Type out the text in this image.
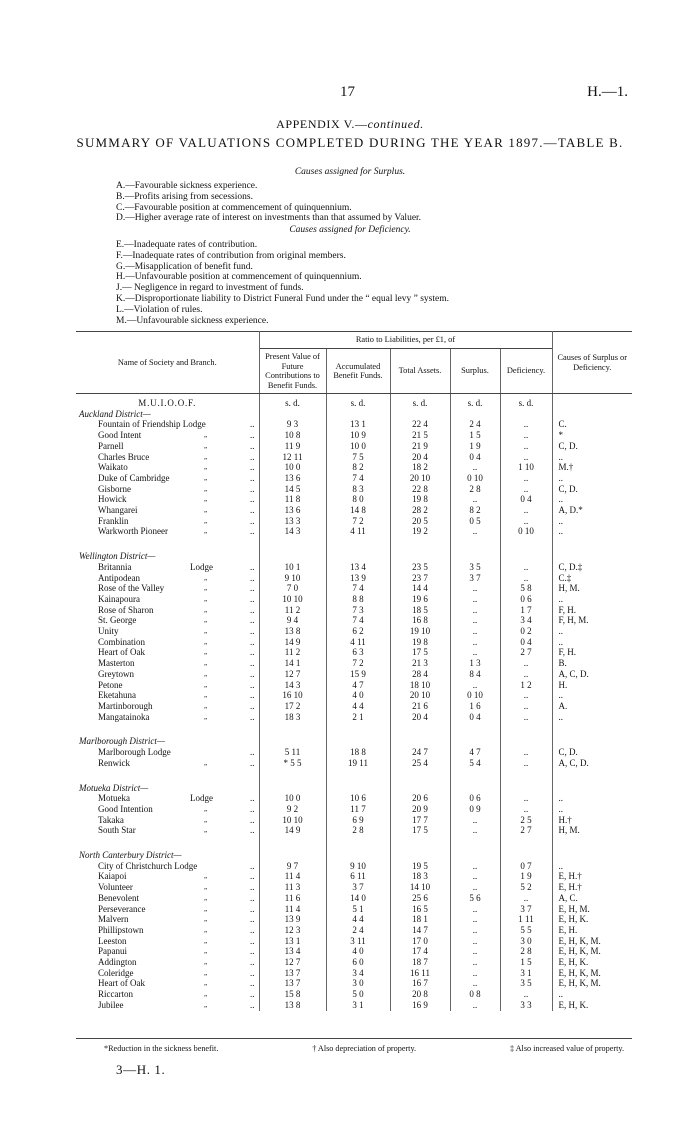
17	H.—1.
APPENDIX V.—continued.
SUMMARY OF VALUATIONS COMPLETED DURING THE YEAR 1897.—TABLE B.
Causes assigned for Surplus.
A.—Favourable sickness experience.
B.—Profits arising from secessions.
C.—Favourable position at commencement of quinquennium.
D.—Higher average rate of interest on investments than that assumed by Valuer.
Causes assigned for Deficiency.
E.—Inadequate rates of contribution.
F.—Inadequate rates of contribution from original members.
G.—Misapplication of benefit fund.
H.—Unfavourable position at commencement of quinquennium.
J.— Negligence in regard to investment of funds.
K.—Disproportionate liability to District Funeral Fund under the “ equal levy ” system.
L.—Violation of rules.
M.—Unfavourable sickness experience.
Name of Society and Branch.	Ratio to Liabilities, per £1, of					Causes of Surplus or Deficiency.
	Present Value of Future Contributions to Benefit Funds.	Accumulated Benefit Funds.	Total Assets.	Surplus.	Deficiency.	

M.U.I.O.O.F.	s. d.	s. d.	s. d.	s. d.	s. d.	
Auckland District—						
Fountain of Friendship Lodge ..	9 3	13 1	22 4	2 4	..	C.
Good Intent „ ..	10 8	10 9	21 5	1 5	..	*
Parnell „ ..	11 9	10 0	21 9	1 9	..	C, D.
Charles Bruce „ ..	12 11	7 5	20 4	0 4	..	..
Waikato „ ..	10 0	8 2	18 2	..	1 10	M.†
Duke of Cambridge „ ..	13 6	7 4	20 10	0 10	..	..
Gisborne „ ..	14 5	8 3	22 8	2 8	..	C, D.
Howick „ ..	11 8	8 0	19 8	..	0 4	..
Whangarei „ ..	13 6	14 8	28 2	8 2	..	A, D.*
Franklin „ ..	13 3	7 2	20 5	0 5	..	..
Warkworth Pioneer „ ..	14 3	4 11	19 2	..	0 10	..

Wellington District—						
Britannia Lodge ..	10 1	13 4	23 5	3 5	..	C, D.‡
Antipodean „ ..	9 10	13 9	23 7	3 7	..	C.‡
Rose of the Valley „ ..	7 0	7 4	14 4	..	5 8	H, M.
Kainapoura „ ..	10 10	8 8	19 6	..	0 6	..
Rose of Sharon „ ..	11 2	7 3	18 5	..	1 7	F, H.
St. George „ ..	9 4	7 4	16 8	..	3 4	F, H, M.
Unity „ ..	13 8	6 2	19 10	..	0 2	..
Combination „ ..	14 9	4 11	19 8	..	0 4	..
Heart of Oak „ ..	11 2	6 3	17 5	..	2 7	F, H.
Masterton „ ..	14 1	7 2	21 3	1 3	..	B.
Greytown „ ..	12 7	15 9	28 4	8 4	..	A, C, D.
Petone „ ..	14 3	4 7	18 10	..	1 2	H.
Eketahuna „ ..	16 10	4 0	20 10	0 10	..	..
Martinborough „ ..	17 2	4 4	21 6	1 6	..	A.
Mangatainoka „ ..	18 3	2 1	20 4	0 4	..	..

Marlborough District—						
Marlborough Lodge ..	5 11	18 8	24 7	4 7	..	C, D.
Renwick „ ..	* 5 5	19 11	25 4	5 4	..	A, C, D.

Motueka District—						
Motueka Lodge ..	10 0	10 6	20 6	0 6	..	..
Good Intention „ ..	9 2	11 7	20 9	0 9	..	..
Takaka „ ..	10 10	6 9	17 7	..	2 5	H.†
South Star „ ..	14 9	2 8	17 5	..	2 7	H, M.

North Canterbury District—						
City of Christchurch Lodge ..	9 7	9 10	19 5	..	0 7	..
Kaiapoi „ ..	11 4	6 11	18 3	..	1 9	E, H.†
Volunteer „ ..	11 3	3 7	14 10	..	5 2	E, H.†
Benevolent „ ..	11 6	14 0	25 6	5 6	..	A, C.
Perseverance „ ..	11 4	5 1	16 5	..	3 7	E, H, M.
Malvern „ ..	13 9	4 4	18 1	..	1 11	E, H, K.
Phillipstown „ ..	12 3	2 4	14 7	..	5 5	E, H.
Leeston „ ..	13 1	3 11	17 0	..	3 0	E, H, K, M.
Papanui „ ..	13 4	4 0	17 4	..	2 8	E, H, K, M.
Addington „ ..	12 7	6 0	18 7	..	1 5	E, H, K.
Coleridge „ ..	13 7	3 4	16 11	..	3 1	E, H, K, M.
Heart of Oak „ ..	13 7	3 0	16 7	..	3 5	E, H, K, M.
Riccarton „ ..	15 8	5 0	20 8	0 8	..	..
Jubilee „ ..	13 8	3 1	16 9	..	3 3	E, H, K.
*Reduction in the sickness benefit.	† Also depreciation of property.	‡ Also increased value of property.
3—H. 1.
